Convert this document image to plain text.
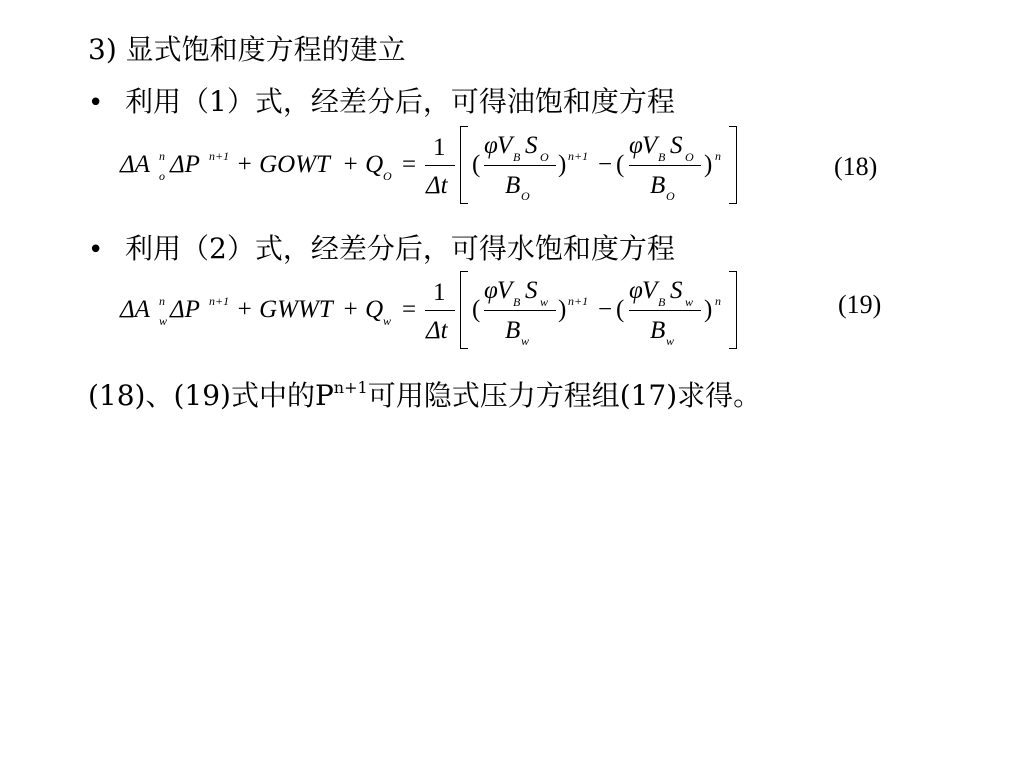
3) 显式饱和度方程的建立
• 利用（1）式，经差分后，可得油饱和度方程
ΔA n
o ΔP n+1 + GOWT + Q O =
1
Δt
(
φ V B S O
B O
) n+1 − (
φ V B S O
B O
) n	(18)
• 利用（2）式，经差分后，可得水饱和度方程
ΔA n
w ΔP n+1 + GWWT + Q w =
1
Δt
(
φ V B S w
B w
) n+1 − (
φ V B S w
B w
) n	(19)
(18)、(19)式中的$P^{n+1}$可用隐式压力方程组(17)求得。
